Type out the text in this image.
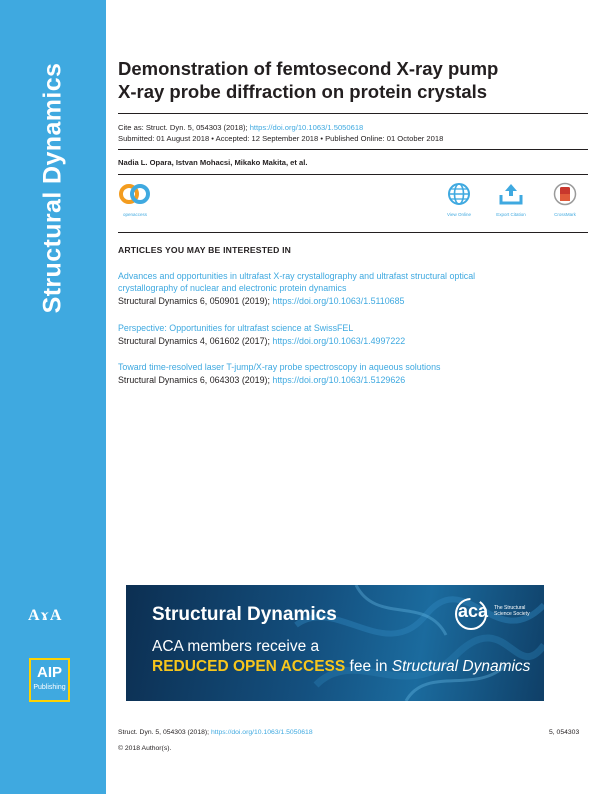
Structural Dynamics
AɤA
AIP
Publishing
Demonstration of femtosecond X-ray pump
X-ray probe diffraction on protein crystals
Cite as: Struct. Dyn. 5, 054303 (2018); https://doi.org/10.1063/1.5050618
Submitted: 01 August 2018 • Accepted: 12 September 2018 • Published Online: 01 October 2018
Nadia L. Opara, Istvan Mohacsi, Mikako Makita, et al.
openaccess	View Online	Export Citation	CrossMark
ARTICLES YOU MAY BE INTERESTED IN
Advances and opportunities in ultrafast X-ray crystallography and ultrafast structural optical
crystallography of nuclear and electronic protein dynamics
Structural Dynamics 6, 050901 (2019); https://doi.org/10.1063/1.5110685
Perspective: Opportunities for ultrafast science at SwissFEL
Structural Dynamics 4, 061602 (2017); https://doi.org/10.1063/1.4997222
Toward time-resolved laser T-jump/X-ray probe spectroscopy in aqueous solutions
Structural Dynamics 6, 064303 (2019); https://doi.org/10.1063/1.5129626
Structural Dynamics	aca The Structural Science Society
ACA members receive a
REDUCED OPEN ACCESS fee in Structural Dynamics
Struct. Dyn. 5, 054303 (2018); https://doi.org/10.1063/1.5050618	5, 054303
© 2018 Author(s).
